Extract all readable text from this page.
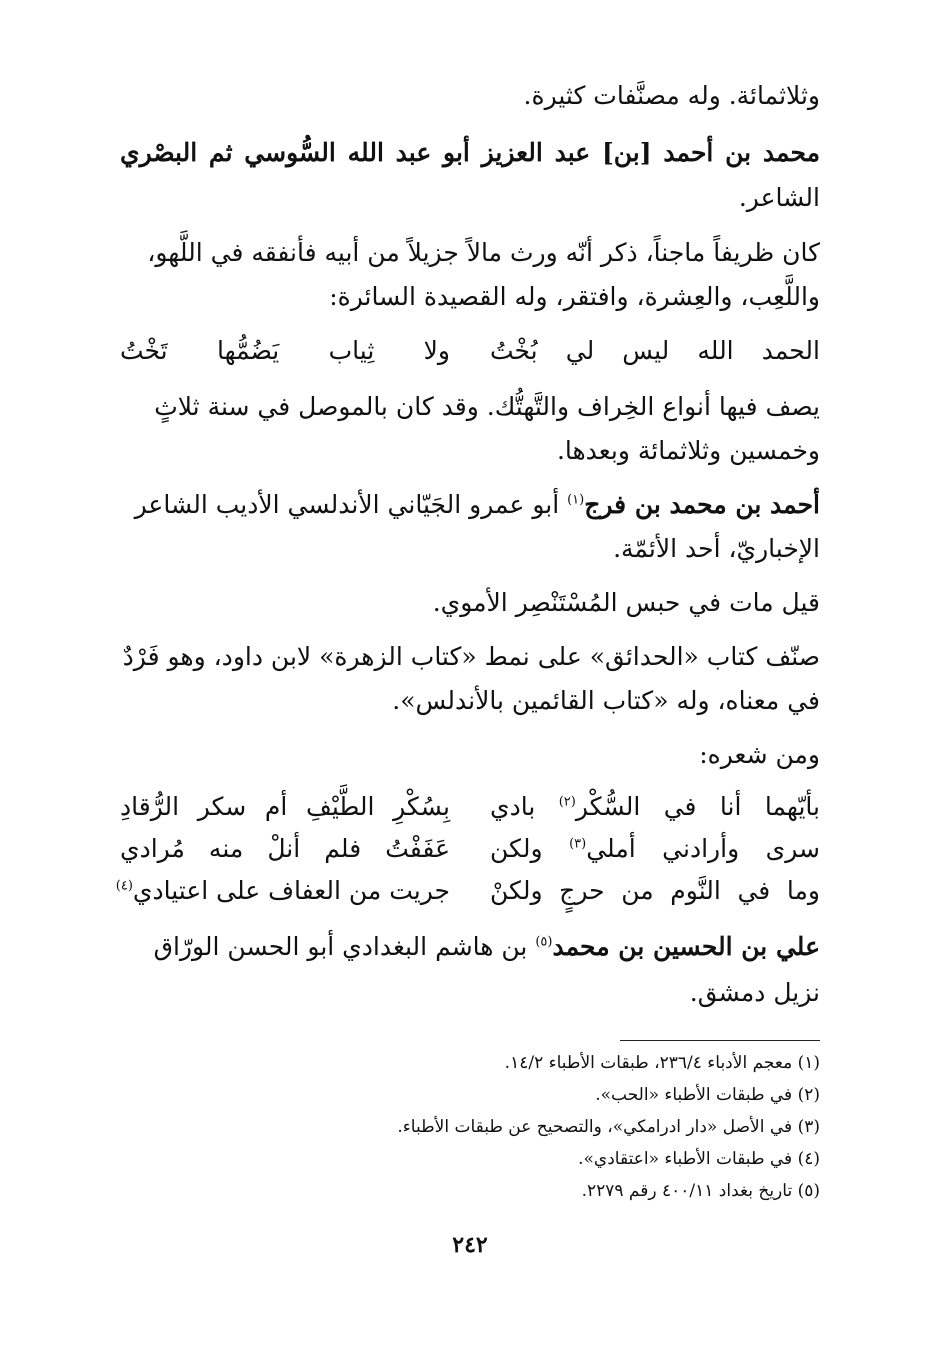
وثلاثمائة. وله مصنَّفات كثيرة.
محمد بن أحمد [بن] عبد العزيز أبو عبد الله السُّوسي ثم البصْري
الشاعر.
كان ظريفاً ماجناً، ذكر أنّه ورث مالاً جزيلاً من أبيه فأنفقه في اللَّهو،
واللَّعِب، والعِشرة، وافتقر، وله القصيدة السائرة:
الحمد الله ليس لي بُخْتُ
ولا ثِياب يَضُمُّها تَخْتُ
يصف فيها أنواع الخِراف والتَّهتُّك. وقد كان بالموصل في سنة ثلاثٍ
وخمسين وثلاثمائة وبعدها.
أحمد بن محمد بن فرج$^{(١)}$ أبو عمرو الجَيّاني الأندلسي الأديب الشاعر
الإخباريّ، أحد الأئمّة.
قيل مات في حبس المُسْتَنْصِر الأموي.
صنّف كتاب «الحدائق» على نمط «كتاب الزهرة» لابن داود، وهو فَرْدٌ
في معناه، وله «كتاب القائمين بالأندلس».
ومن شعره:
بأيّهما أنا في السُّكْر$^{(٢)}$ بادي
بِسُكْرِ الطَّيْفِ أم سكر الرُّقادِ
سرى وأرادني أملي$^{(٣)}$ ولكن
عَفَفْتُ فلم أنلْ منه مُرادي
وما في النَّوم من حرجٍ ولكنْ
جريت من العفاف على اعتيادي$^{(٤)}$
علي بن الحسين بن محمد$^{(٥)}$ بن هاشم البغدادي أبو الحسن الورّاق
نزيل دمشق.
(١) معجم الأدباء ٢٣٦/٤، طبقات الأطباء ١٤/٢.
(٢) في طبقات الأطباء «الحب».
(٣) في الأصل «دار ادرامكي»، والتصحيح عن طبقات الأطباء.
(٤) في طبقات الأطباء «اعتقادي».
(٥) تاريخ بغداد ٤٠٠/١١ رقم ٢٢٧٩.
٢٤٢
